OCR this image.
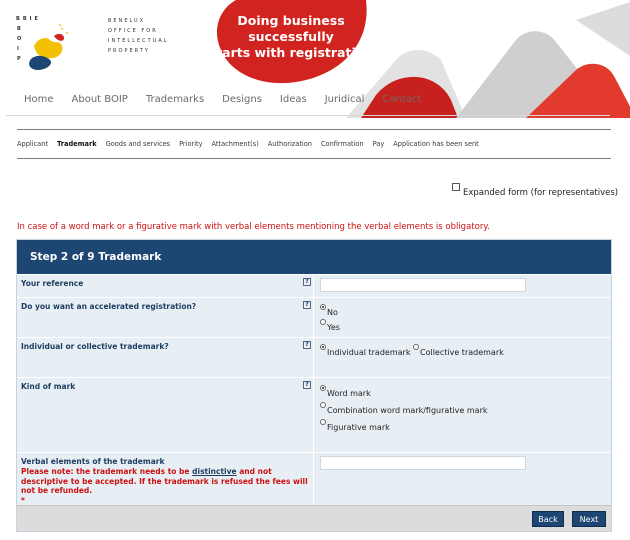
BBIE
B
O
I
P
BENELUX
OFFICE FOR
INTELLECTUAL
PROPERTY
Doing business successfully
starts with registration
Home About BOIP Trademarks Designs Ideas Juridical Contact
Applicant Trademark Goods and services Priority Attachment(s) Authorization Confirmation Pay Application has been sent
Expanded form (for representatives)
In case of a word mark or a figurative mark with verbal elements mentioning the verbal elements is obligatory.
Step 2 of 9 Trademark
Your reference	?
Do you want an accelerated registration?	?
No
Yes
Individual or collective trademark?	?
Individual trademark Collective trademark
Kind of mark	?
Word mark
Combination word mark/figurative mark
Figurative mark
Verbal elements of the trademark
Please note: the trademark needs to be distinctive and not descriptive to be accepted. If the trademark is refused the fees will not be refunded.
*
Back	Next
